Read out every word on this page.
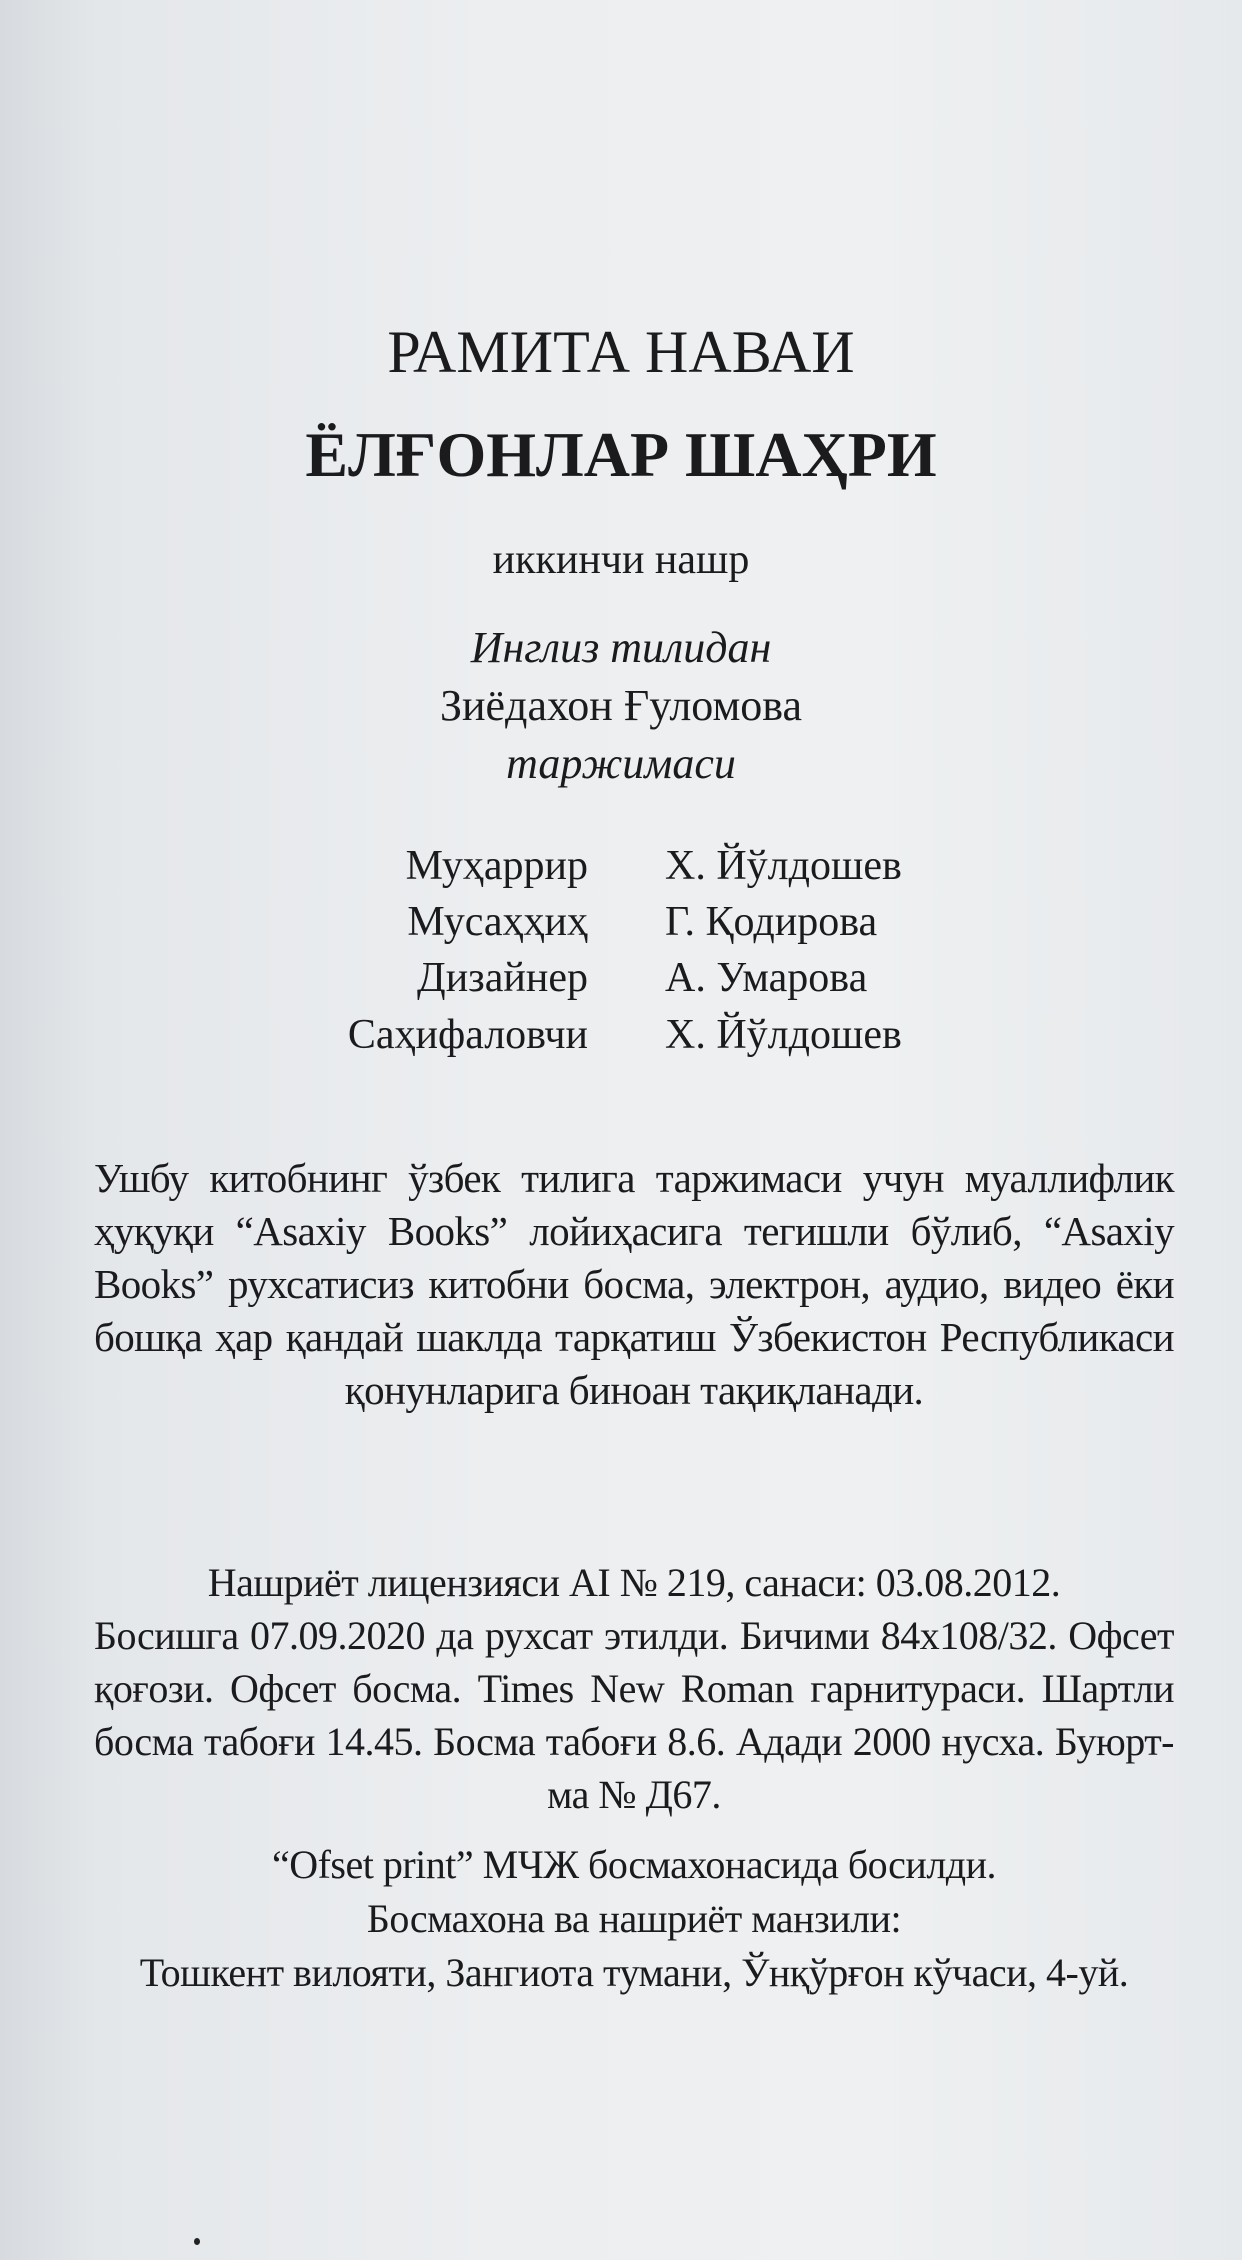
РАМИТА НАВАИ
ЁЛҒОНЛАР ШАҲРИ
иккинчи нашр
Инглиз тилидан
Зиёдахон Ғуломова
таржимаси
Муҳаррир Х. Йўлдошев
Мусаҳҳиҳ Г. Қодирова
Дизайнер А. Умарова
Саҳифаловчи Х. Йўлдошев
Ушбу китобнинг ўзбек тилига таржимаси учун муаллифлик
ҳуқуқи “Asaxiy Books” лойиҳасига тегишли бўлиб, “Asaxiy
Books” рухсатисиз китобни босма, электрон, аудио, видео ёки
бошқа ҳар қандай шаклда тарқатиш Ўзбекистон Республикаси
қонунларига биноан тақиқланади.
Нашриёт лицензияси AI № 219, санаси: 03.08.2012.
Босишга 07.09.2020 да рухсат этилди. Бичими 84x108/32. Офсет
қоғози. Офсет босма. Times New Roman гарнитураси. Шартли
босма табоғи 14.45. Босма табоғи 8.6. Адади 2000 нусха. Буюрт-
ма № Д67.
“Ofset print” МЧЖ босмахонасида босилди.
Босмахона ва нашриёт манзили:
Тошкент вилояти, Зангиота тумани, Ўнқўрғон кўчаси, 4-уй.
